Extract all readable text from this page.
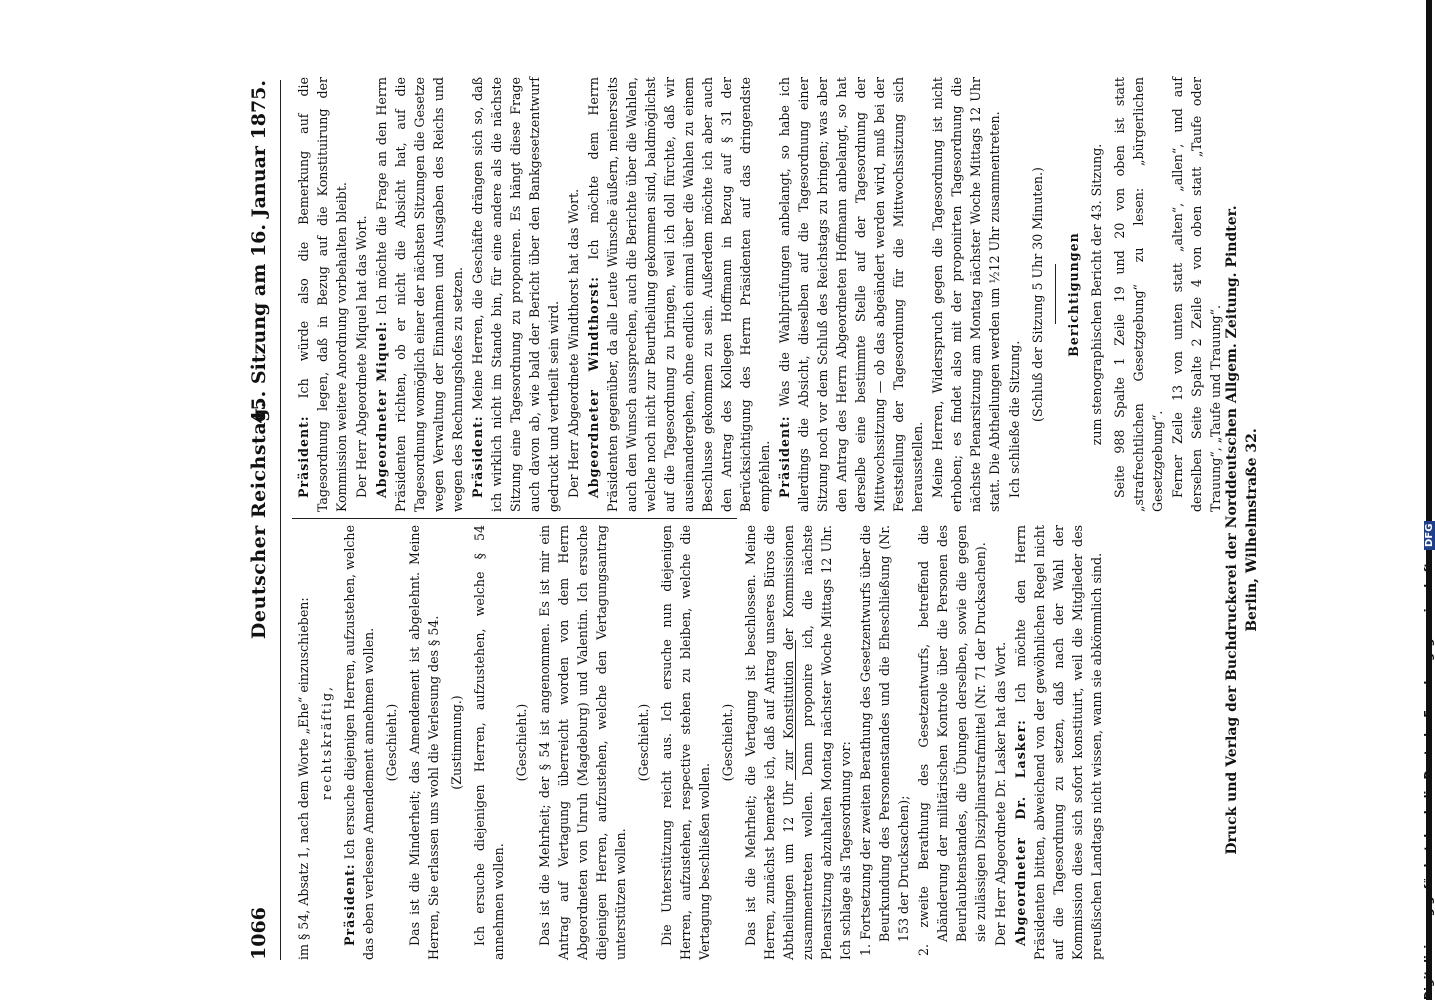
1066
Deutscher Reichstag.
45. Sitzung am 16. Januar 1875.

im § 54, Absatz 1, nach dem Worte „Ehe“ einzuschieben: rechtskräftig,

Präsident: Ich ersuche diejenigen Herren, aufzustehen, welche das eben verlesene Amendement annehmen wollen. (Geschieht.) Das ist die Minderheit; das Amendement ist abgelehnt. Meine Herren, Sie erlassen uns wohl die Verlesung des § 54. (Zustimmung.) Ich ersuche diejenigen Herren, aufzustehen, welche § 54 annehmen wollen.

(Geschieht.) Das ist die Mehrheit; der § 54 ist angenommen. Es ist mir ein Antrag auf Vertagung überreicht worden von dem Herrn Abgeordneten von Unruh (Magdeburg) und Valentin. Ich ersuche diejenigen Herren, aufzustehen, welche den Vertagungsantrag unterstützen wollen.

(Geschieht.) Die Unterstützung reicht aus. Ich ersuche nun diejenigen Herren, aufzustehen, respective stehen zu bleiben, welche die Vertagung beschließen wollen.

(Geschieht.) Das ist die Mehrheit; die Vertagung ist beschlossen. Meine Herren, zunächst bemerke ich, daß auf Antrag unseres Büros die Abtheilungen um 12 Uhr zur Konstitution der Kommissionen zusammentreten wollen. Dann proponire ich, die nächste Plenarsitzung abzuhalten Montag nächster Woche Mittags 12 Uhr. Ich schlage als Tagesordnung vor: 1. Fortsetzung der zweiten Berathung des Gesetzentwurfs über die Beurkundung des Personenstandes und die Eheschließung (Nr. 153 der Drucksachen); 2. zweite Berathung des Gesetzentwurfs, betreffend die Abänderung der militärischen Kontrole über die Personen des Beurlaubtenstandes, die Übungen derselben, sowie die gegen sie zulässigen Disziplinarstrafmittel (Nr. 71 der Drucksachen). Der Herr Abgeordnete Dr. Lasker hat das Wort. Abgeordneter Dr. Lasker: Ich möchte den Herrn Präsidenten bitten, abweichend von der gewöhnlichen Regel nicht auf die Tagesordnung zu setzen, daß nach der Wahl der Kommission diese sich sofort konstituirt, weil die Mitglieder des preußischen Landtags nicht wissen, wann sie abkömmlich sind.

Präsident: Ich würde also die Bemerkung auf die Tagesordnung legen, daß in Bezug auf die Konstituirung der Kommission weitere Anordnung vorbehalten bleibt. Der Herr Abgeordnete Miquel hat das Wort. Abgeordneter Miquel: Ich möchte die Frage an den Herrn Präsidenten richten, ob er nicht die Absicht hat, auf die Tagesordnung womöglich einer der nächsten Sitzungen die Gesetze wegen Verwaltung der Einnahmen und Ausgaben des Reichs und wegen des Rechnungshofes zu setzen. Präsident: Meine Herren, die Geschäfte drängen sich so, daß ich wirklich nicht im Stande bin, für eine andere als die nächste Sitzung eine Tagesordnung zu proponiren. Es hängt diese Frage auch davon ab, wie bald der Bericht über den Bankgesetzentwurf gedruckt und vertheilt sein wird. Der Herr Abgeordnete Windthorst hat das Wort. Abgeordneter Windthorst: Ich möchte dem Herrn Präsidenten gegenüber, da alle Leute Wünsche äußern, meinerseits auch den Wunsch aussprechen, auch die Berichte über die Wahlen, welche noch nicht zur Beurtheilung gekommen sind, baldmöglichst auf die Tagesordnung zu bringen, weil ich doll fürchte, daß wir auseinandergehen, ohne endlich einmal über die Wahlen zu einem Beschlusse gekommen zu sein. Außerdem möchte ich aber auch den Antrag des Kollegen Hoffmann in Bezug auf § 31 der Berücksichtigung des Herrn Präsidenten auf das dringendste empfehlen. Präsident: Was die Wahlprüfungen anbelangt, so habe ich allerdings die Absicht, dieselben auf die Tagesordnung einer Sitzung noch vor dem Schluß des Reichstags zu bringen; was aber den Antrag des Herrn Abgeordneten Hoffmann anbelangt, so hat derselbe eine bestimmte Stelle auf der Tagesordnung der Mittwochssitzung — ob das abgeändert werden wird, muß bei der Feststellung der Tagesordnung für die Mittwochssitzung sich herausstellen. Meine Herren, Widerspruch gegen die Tagesordnung ist nicht erhoben; es findet also mit der proponirten Tagesordnung die nächste Plenarsitzung am Montag nächster Woche Mittags 12 Uhr statt. Die Abtheilungen werden um ½12 Uhr zusammentreten. Ich schließe die Sitzung. (Schluß der Sitzung 5 Uhr 30 Minuten.) Berichtigungen zum stenographischen Bericht der 43. Sitzung. Seite 988 Spalte 1 Zeile 19 und 20 von oben ist statt „strafrechtlichen Gesetzgebung“ zu lesen: „bürgerlichen Gesetzgebung“. Ferner Zeile 13 von unten statt „alten“, „allen“, und auf derselben Seite Spalte 2 Zeile 4 von oben statt „Taufe oder Trauung“, „Taufe und Trauung“. Druck und Verlag der Buchdruckerei der Norddeutschen Allgem. Zeitung. Pindter. Berlin, Wilhelmstraße 32.
Digitalisierung gefördert durch die Deutsche Forschungsgemeinschaft -DFG
